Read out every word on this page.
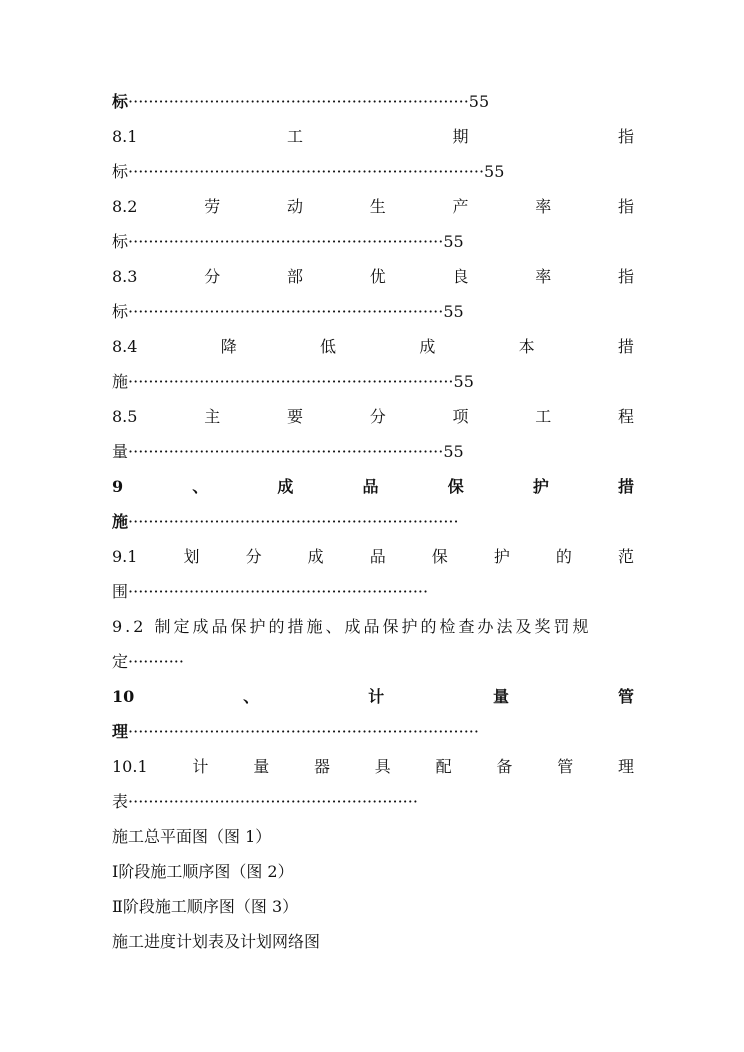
标···································································55
8.1	工	期	指
标······································································55
8.2	劳	动	生	产	率	指
标······························································55
8.3	分	部	优	良	率	指
标······························································55
8.4	降	低	成	本	措
施································································55
8.5	主	要	分	项	工	程
量······························································55
9	、	成	品	保	护	措
施·································································
9.1	划	分	成	品	保	护	的	范
围···························································
9.2 制定成品保护的措施、成品保护的检查办法及奖罚规
定···········
10	、	计	量	管
理·····································································
10.1	计	量	器	具	配	备	管	理
表·························································
施工总平面图（图 1）
Ⅰ阶段施工顺序图（图 2）
Ⅱ阶段施工顺序图（图 3）
施工进度计划表及计划网络图
